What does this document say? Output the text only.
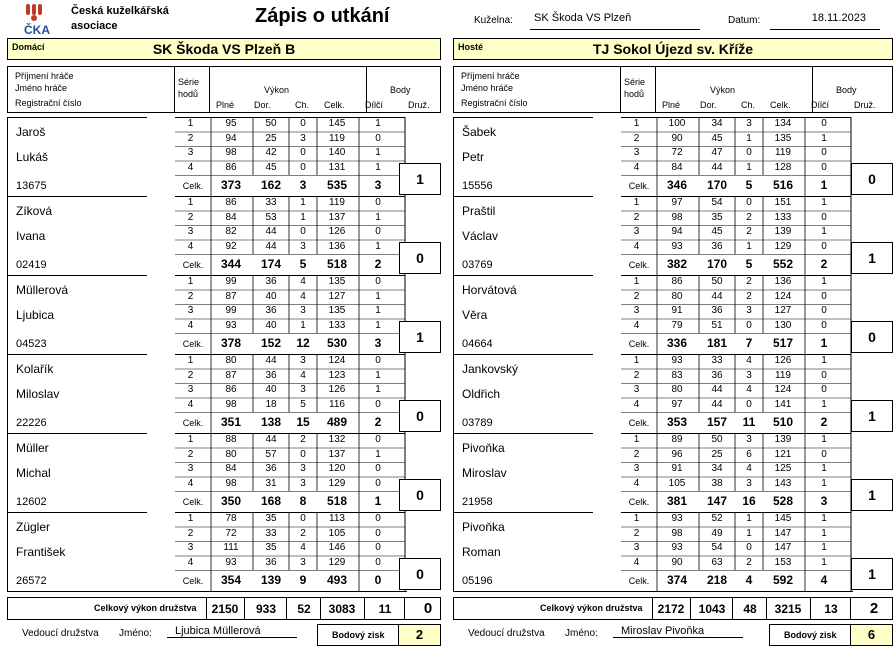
ČKA
Česká kuželkářská
asociace	Zápis o utkání	Kuželna:	SK Škoda VS Plzeň	Datum:	18.11.2023
Domácí	SK Škoda VS Plzeň B	Hosté	TJ Sokol Újezd sv. Kříže
Příjmení hráče
Jméno hráče
Registrační číslo
Série
hodů	Výkon
Plné Dor.	Ch. Celk.
Body
Dílčí	Druž.
Jaroš
Lukáš
13675
1	95	50	0	145	1
2	94	25	3	119	0
3	98	42	0	140	1
4	86	45	0	131	1
Celk.	373	162	3	535	3	1
Zíková
Ivana
02419
1	86	33	1	119	0
2	84	53	1	137	1
3	82	44	0	126	0
4	92	44	3	136	1
Celk.	344	174	5	518	2	0
Müllerová
Ljubica
04523
1	99	36	4	135	0
2	87	40	4	127	1
3	99	36	3	135	1
4	93	40	1	133	1
Celk.	378	152	12	530	3	1
Kolařík
Miloslav
22226
1	80	44	3	124	0
2	87	36	4	123	1
3	86	40	3	126	1
4	98	18	5	116	0
Celk.	351	138	15	489	2	0
Müller
Michal
12602
1	88	44	2	132	0
2	80	57	0	137	1
3	84	36	3	120	0
4	98	31	3	129	0
Celk.	350	168	8	518	1	0
Zügler
František
26572
1	78	35	0	113	0
2	72	33	2	105	0
3	111	35	4	146	0
4	93	36	3	129	0
Celk.	354	139	9	493	0	0
Celkový výkon družstva	2150	933	52	3083	11	0
Vedoucí družstva Jméno:	Ljubica Müllerová	Bodový zisk	2
Příjmení hráče
Jméno hráče
Registrační číslo
Série
hodů	Výkon
Plné Dor.	Ch. Celk.
Body
Dílčí	Druž.
Šabek
Petr
15556
1	100	34	3	134	0
2	90	45	1	135	1
3	72	47	0	119	0
4	84	44	1	128	0
Celk.	346	170	5	516	1	0
Praštil
Václav
03769
1	97	54	0	151	1
2	98	35	2	133	0
3	94	45	2	139	1
4	93	36	1	129	0
Celk.	382	170	5	552	2	1
Horvátová
Věra
04664
1	86	50	2	136	1
2	80	44	2	124	0
3	91	36	3	127	0
4	79	51	0	130	0
Celk.	336	181	7	517	1	0
Jankovský
Oldřich
03789
1	93	33	4	126	1
2	83	36	3	119	0
3	80	44	4	124	0
4	97	44	0	141	1
Celk.	353	157	11	510	2	1
Pivoňka
Miroslav
21958
1	89	50	3	139	1
2	96	25	6	121	0
3	91	34	4	125	1
4	105	38	3	143	1
Celk.	381	147	16	528	3	1
Pivoňka
Roman
05196
1	93	52	1	145	1
2	98	49	1	147	1
3	93	54	0	147	1
4	90	63	2	153	1
Celk.	374	218	4	592	4	1
Celkový výkon družstva	2172	1043	48	3215	13	2
Vedoucí družstva Jméno:	Miroslav Pivoňka	Bodový zisk	6
